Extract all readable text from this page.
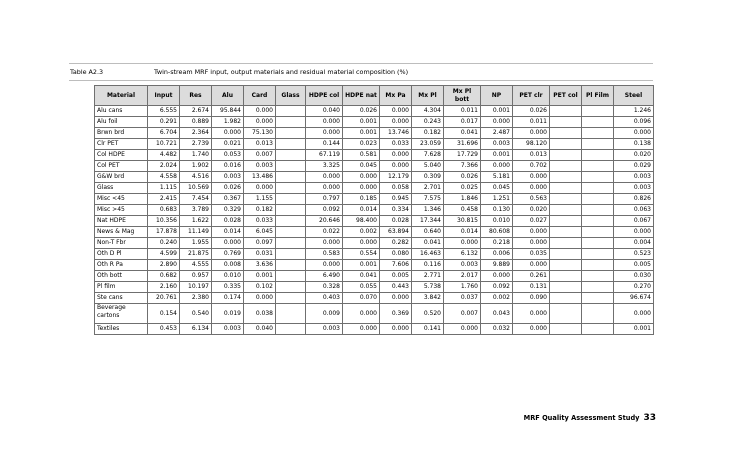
Table A2.3	Twin-stream MRF input, output materials and residual material composition (%)
Material	Input	Res	Alu	Card	Glass	HDPE col	HDPE nat	Mx Pa	Mx Pl	Mx Pl bott	NP	PET clr	PET col	Pl Film	Steel
Alu cans	6.555	2.674	95.844	0.000		0.040	0.026	0.000	4.304	0.011	0.001	0.026			1.246
Alu foil	0.291	0.889	1.982	0.000		0.000	0.001	0.000	0.243	0.017	0.000	0.011			0.096
Brwn brd	6.704	2.364	0.000	75.130		0.000	0.001	13.746	0.182	0.041	2.487	0.000			0.000
Clr PET	10.721	2.739	0.021	0.013		0.144	0.023	0.033	23.059	31.696	0.003	98.120			0.138
Col HDPE	4.482	1.740	0.053	0.007		67.119	0.581	0.000	7.628	17.729	0.001	0.013			0.020
Col PET	2.024	1.902	0.016	0.003		3.325	0.045	0.000	5.040	7.366	0.000	0.702			0.029
G&W brd	4.558	4.516	0.003	13.486		0.000	0.000	12.179	0.309	0.026	5.181	0.000			0.003
Glass	1.115	10.569	0.026	0.000		0.000	0.000	0.058	2.701	0.025	0.045	0.000			0.003
Misc <45	2.415	7.454	0.367	1.155		0.797	0.185	0.945	7.575	1.846	1.251	0.563			0.826
Misc >45	0.683	3.789	0.329	0.182		0.092	0.014	0.334	1.346	0.458	0.130	0.020			0.063
Nat HDPE	10.356	1.622	0.028	0.033		20.646	98.400	0.028	17.344	30.815	0.010	0.027			0.067
News & Mag	17.878	11.149	0.014	6.045		0.022	0.002	63.894	0.640	0.014	80.608	0.000			0.000
Non-T Fbr	0.240	1.955	0.000	0.097		0.000	0.000	0.282	0.041	0.000	0.218	0.000			0.004
Oth D Pl	4.599	21.875	0.769	0.031		0.583	0.554	0.080	16.463	6.132	0.006	0.035			0.523
Oth R Pa	2.890	4.555	0.008	3.636		0.000	0.001	7.606	0.116	0.003	9.889	0.000			0.005
Oth bott	0.682	0.957	0.010	0.001		6.490	0.041	0.005	2.771	2.017	0.000	0.261			0.030
Pl film	2.160	10.197	0.335	0.102		0.328	0.055	0.443	5.738	1.760	0.092	0.131			0.270
Ste cans	20.761	2.380	0.174	0.000		0.403	0.070	0.000	3.842	0.037	0.002	0.090			96.674
Beverage cartons	0.154	0.540	0.019	0.038		0.009	0.000	0.369	0.520	0.007	0.043	0.000			0.000
Textiles	0.453	6.134	0.003	0.040		0.003	0.000	0.000	0.141	0.000	0.032	0.000			0.001
MRF Quality Assessment Study 33
